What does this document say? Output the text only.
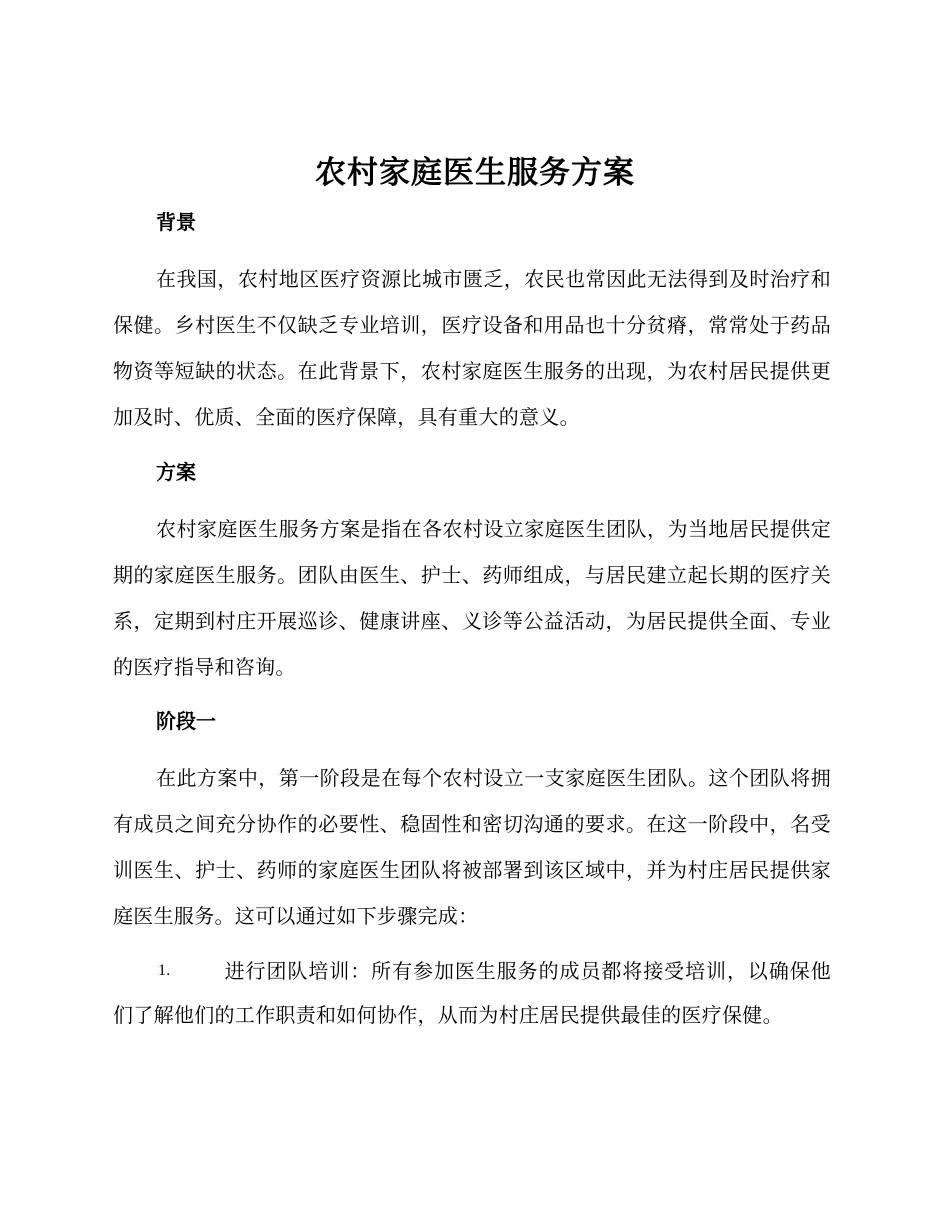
农村家庭医生服务方案
背景

在我国，农村地区医疗资源比城市匮乏，农民也常因此无法得到及时治疗和保健。乡村医生不仅缺乏专业培训，医疗设备和用品也十分贫瘠，常常处于药品物资等短缺的状态。在此背景下，农村家庭医生服务的出现，为农村居民提供更加及时、优质、全面的医疗保障，具有重大的意义。

方案

农村家庭医生服务方案是指在各农村设立家庭医生团队，为当地居民提供定期的家庭医生服务。团队由医生、护士、药师组成，与居民建立起长期的医疗关系，定期到村庄开展巡诊、健康讲座、义诊等公益活动，为居民提供全面、专业的医疗指导和咨询。

阶段一

在此方案中，第一阶段是在每个农村设立一支家庭医生团队。这个团队将拥有成员之间充分协作的必要性、稳固性和密切沟通的要求。在这一阶段中，名受训医生、护士、药师的家庭医生团队将被部署到该区域中，并为村庄居民提供家庭医生服务。这可以通过如下步骤完成：

1.	进行团队培训：所有参加医生服务的成员都将接受培训，以确保他们了解他们的工作职责和如何协作，从而为村庄居民提供最佳的医疗保健。
